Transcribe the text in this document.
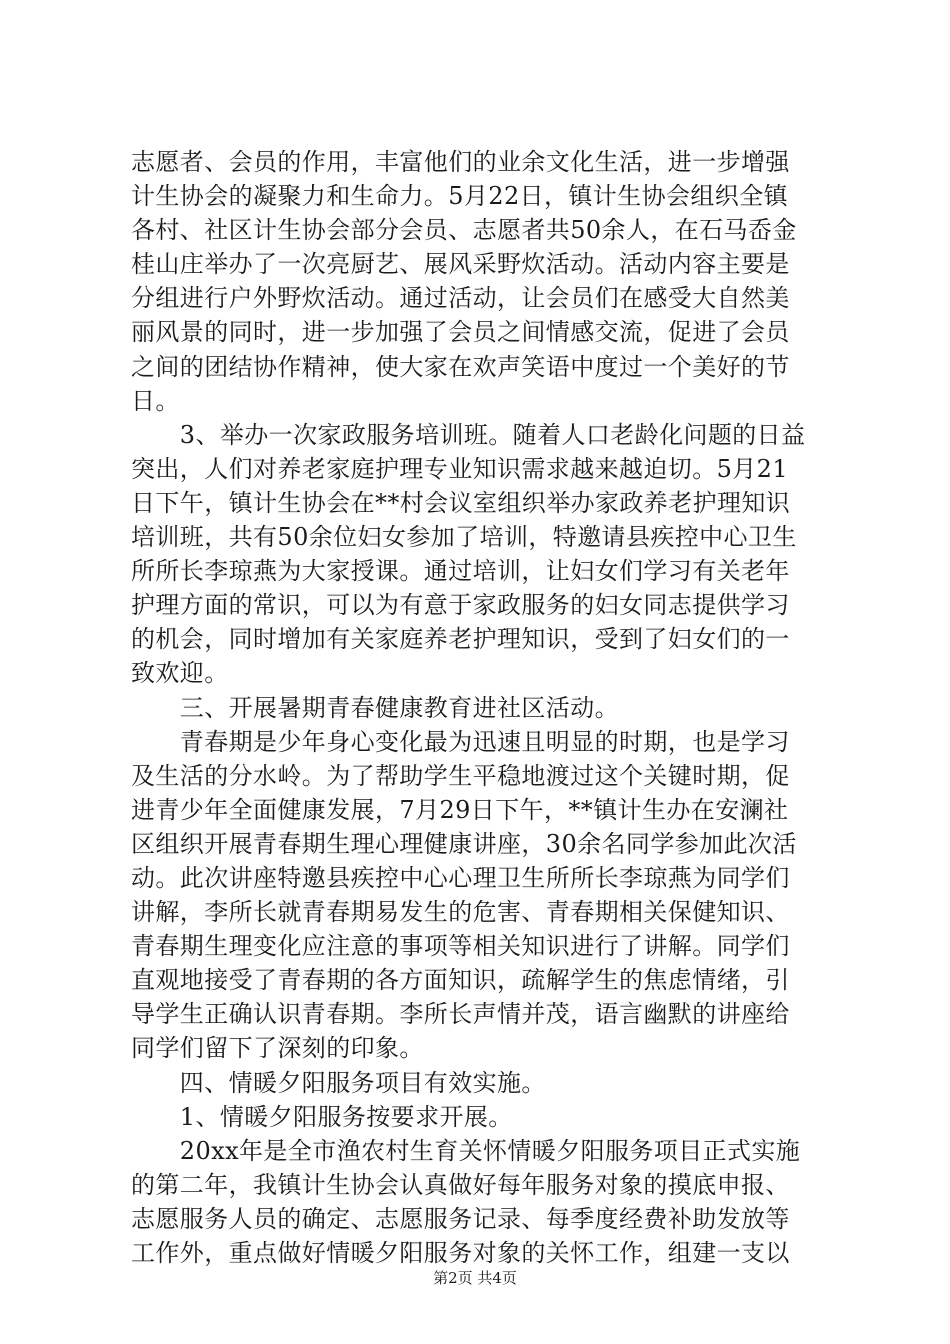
志愿者、会员的作用，丰富他们的业余文化生活，进一步增强
计生协会的凝聚力和生命力。5月22日，镇计生协会组织全镇
各村、社区计生协会部分会员、志愿者共50余人，在石马岙金
桂山庄举办了一次亮厨艺、展风采野炊活动。活动内容主要是
分组进行户外野炊活动。通过活动，让会员们在感受大自然美
丽风景的同时，进一步加强了会员之间情感交流，促进了会员
之间的团结协作精神，使大家在欢声笑语中度过一个美好的节
日。
　　3、举办一次家政服务培训班。随着人口老龄化问题的日益
突出，人们对养老家庭护理专业知识需求越来越迫切。5月21
日下午，镇计生协会在**村会议室组织举办家政养老护理知识
培训班，共有50余位妇女参加了培训，特邀请县疾控中心卫生
所所长李琼燕为大家授课。通过培训，让妇女们学习有关老年
护理方面的常识，可以为有意于家政服务的妇女同志提供学习
的机会，同时增加有关家庭养老护理知识，受到了妇女们的一
致欢迎。
　　三、开展暑期青春健康教育进社区活动。
　　青春期是少年身心变化最为迅速且明显的时期，也是学习
及生活的分水岭。为了帮助学生平稳地渡过这个关键时期，促
进青少年全面健康发展，7月29日下午，**镇计生办在安澜社
区组织开展青春期生理心理健康讲座，30余名同学参加此次活
动。此次讲座特邀县疾控中心心理卫生所所长李琼燕为同学们
讲解，李所长就青春期易发生的危害、青春期相关保健知识、
青春期生理变化应注意的事项等相关知识进行了讲解。同学们
直观地接受了青春期的各方面知识，疏解学生的焦虑情绪，引
导学生正确认识青春期。李所长声情并茂，语言幽默的讲座给
同学们留下了深刻的印象。
　　四、情暖夕阳服务项目有效实施。
　　1、情暖夕阳服务按要求开展。
　　20xx年是全市渔农村生育关怀情暖夕阳服务项目正式实施
的第二年，我镇计生协会认真做好每年服务对象的摸底申报、
志愿服务人员的确定、志愿服务记录、每季度经费补助发放等
工作外，重点做好情暖夕阳服务对象的关怀工作，组建一支以
第2页 共4页
